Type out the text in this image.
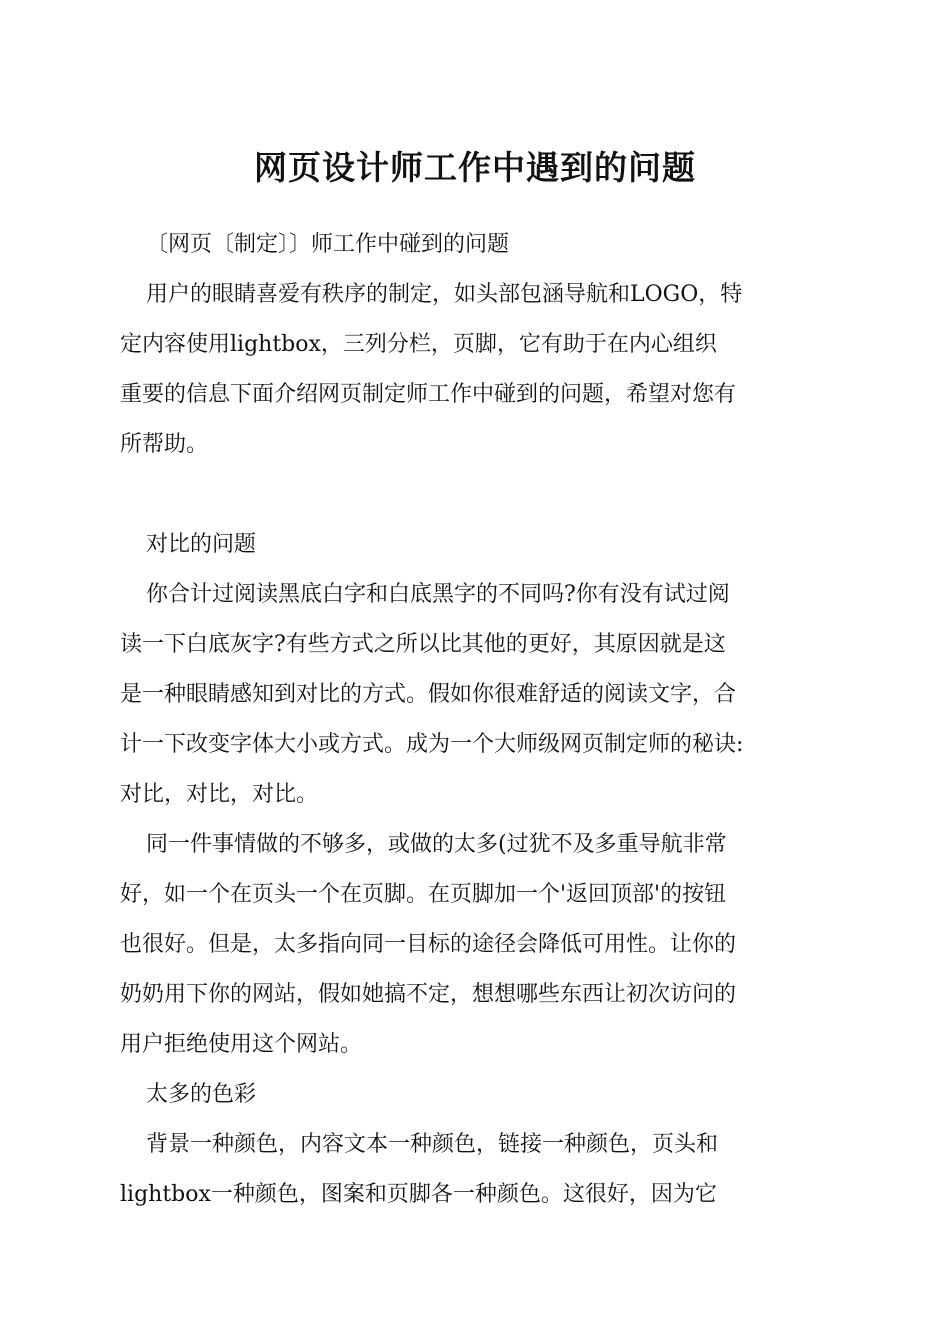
网页设计师工作中遇到的问题
〔网页〔制定〕〕师工作中碰到的问题
用户的眼睛喜爱有秩序的制定，如头部包涵导航和LOGO，特
定内容使用lightbox，三列分栏，页脚，它有助于在内心组织
重要的信息下面介绍网页制定师工作中碰到的问题，希望对您有
所帮助。
对比的问题
你合计过阅读黑底白字和白底黑字的不同吗?你有没有试过阅
读一下白底灰字?有些方式之所以比其他的更好，其原因就是这
是一种眼睛感知到对比的方式。假如你很难舒适的阅读文字，合
计一下改变字体大小或方式。成为一个大师级网页制定师的秘诀:
对比，对比，对比。
同一件事情做的不够多，或做的太多(过犹不及多重导航非常
好，如一个在页头一个在页脚。在页脚加一个'返回顶部'的按钮
也很好。但是，太多指向同一目标的途径会降低可用性。让你的
奶奶用下你的网站，假如她搞不定，想想哪些东西让初次访问的
用户拒绝使用这个网站。
太多的色彩
背景一种颜色，内容文本一种颜色，链接一种颜色，页头和
lightbox一种颜色，图案和页脚各一种颜色。这很好，因为它
